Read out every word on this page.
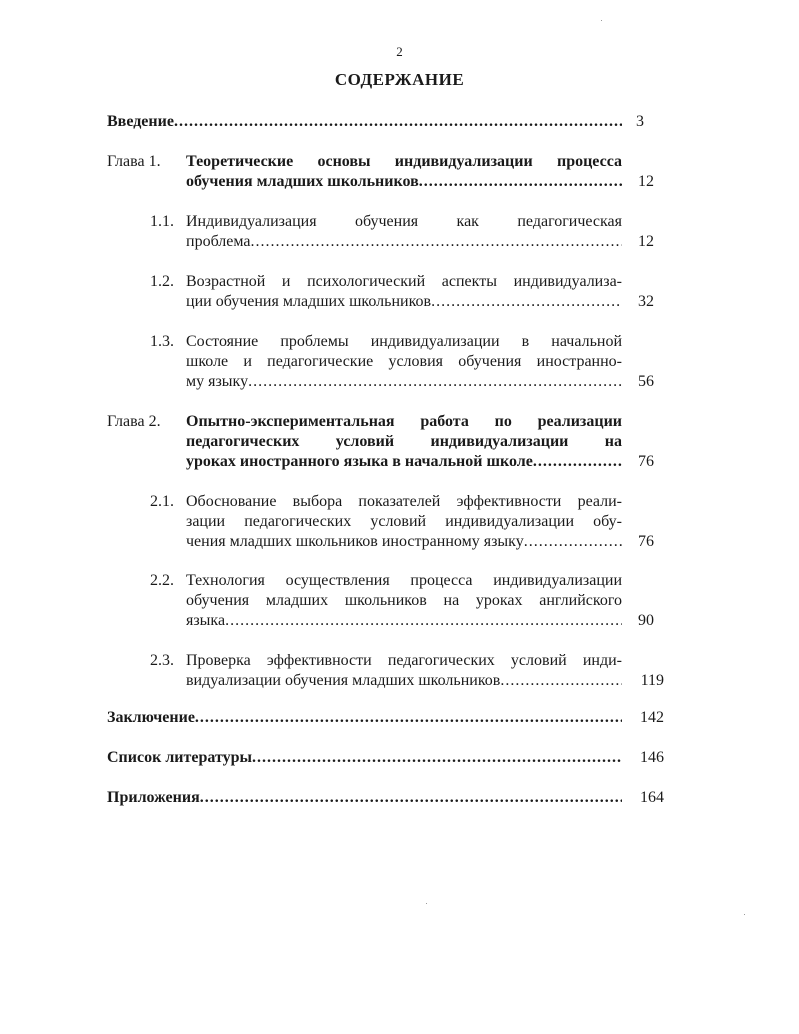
2
СОДЕРЖАНИЕ
Введение .....	3
Глава 1. Теоретические основы индивидуализации процесса
обучения младших школьников .....	12
1.1. Индивидуализация обучения как педагогическая
проблема .....	12
1.2. Возрастной и психологический аспекты индивидуализа-
ции обучения младших школьников .....	32
1.3. Состояние проблемы индивидуализации в начальной
школе и педагогические условия обучения иностранно-
му языку .....	56
Глава 2. Опытно-экспериментальная работа по реализации
педагогических условий индивидуализации на
уроках иностранного языка в начальной школе .....	76
2.1. Обоснование выбора показателей эффективности реали-
зации педагогических условий индивидуализации обу-
чения младших школьников иностранному языку .....	76
2.2. Технология осуществления процесса индивидуализации
обучения младших школьников на уроках английского
языка .....	90
2.3. Проверка эффективности педагогических условий инди-
видуализации обучения младших школьников .....	119
Заключение .....	142
Список литературы .....	146
Приложения .....	164
